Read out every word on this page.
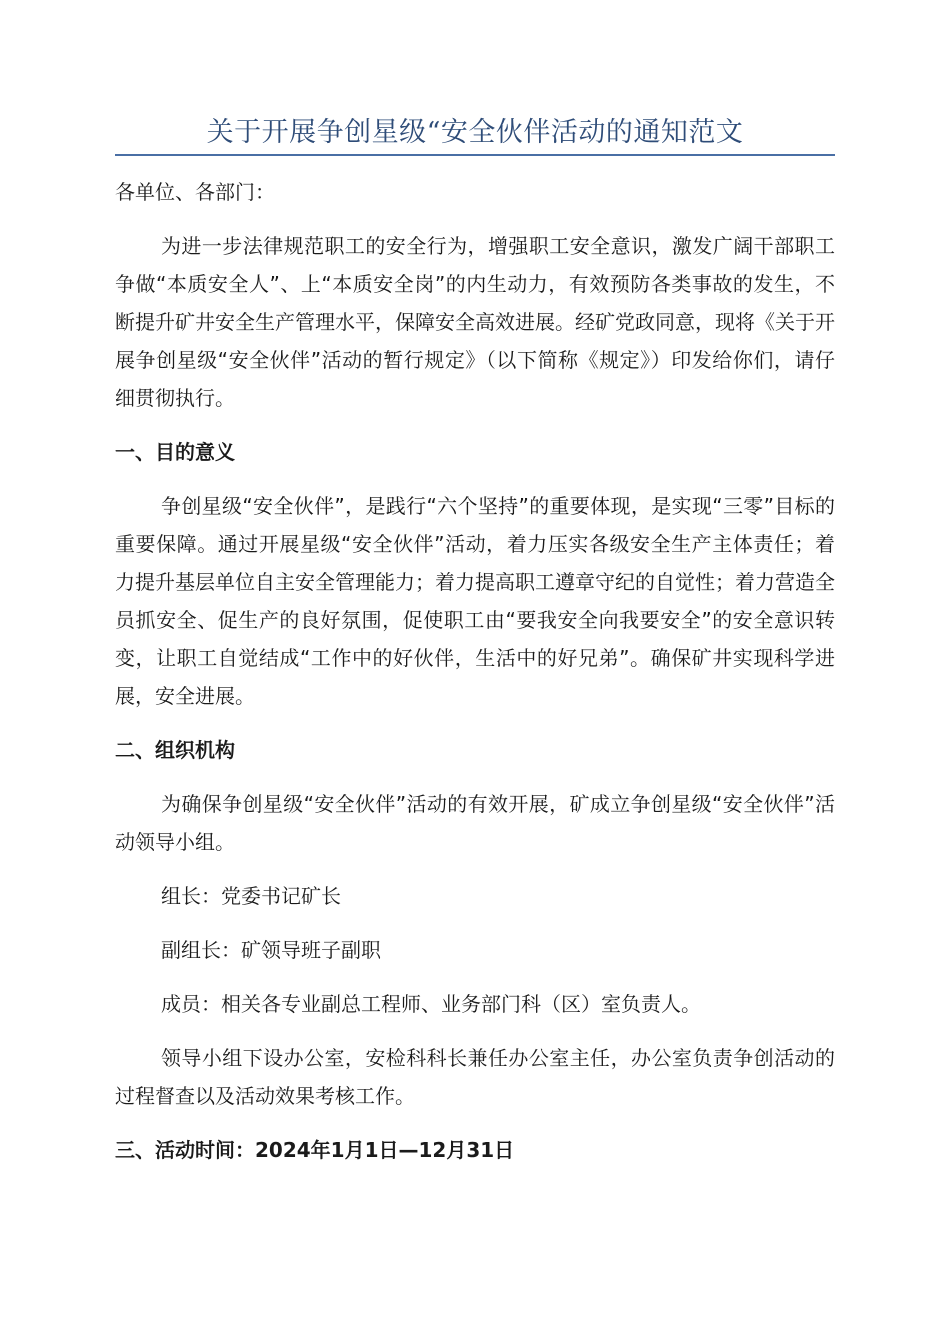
关于开展争创星级“安全伙伴活动的通知范文

各单位、各部门：

为进一步法律规范职工的安全行为，增强职工安全意识，激发广阔干部职工争做“本质安全人”、上“本质安全岗”的内生动力，有效预防各类事故的发生，不断提升矿井安全生产管理水平，保障安全高效进展。经矿党政同意，现将《关于开展争创星级“安全伙伴”活动的暂行规定》（以下简称《规定》）印发给你们，请仔细贯彻执行。

一、目的意义

争创星级“安全伙伴”，是践行“六个坚持”的重要体现，是实现“三零”目标的重要保障。通过开展星级“安全伙伴”活动，着力压实各级安全生产主体责任；着力提升基层单位自主安全管理能力；着力提高职工遵章守纪的自觉性；着力营造全员抓安全、促生产的良好氛围，促使职工由“要我安全向我要安全”的安全意识转变，让职工自觉结成“工作中的好伙伴，生活中的好兄弟”。确保矿井实现科学进展，安全进展。

二、组织机构

为确保争创星级“安全伙伴”活动的有效开展，矿成立争创星级“安全伙伴”活动领导小组。

组长：党委书记矿长

副组长：矿领导班子副职

成员：相关各专业副总工程师、业务部门科（区）室负责人。

领导小组下设办公室，安检科科长兼任办公室主任，办公室负责争创活动的过程督查以及活动效果考核工作。

三、活动时间：2024年1月1日—12月31日
